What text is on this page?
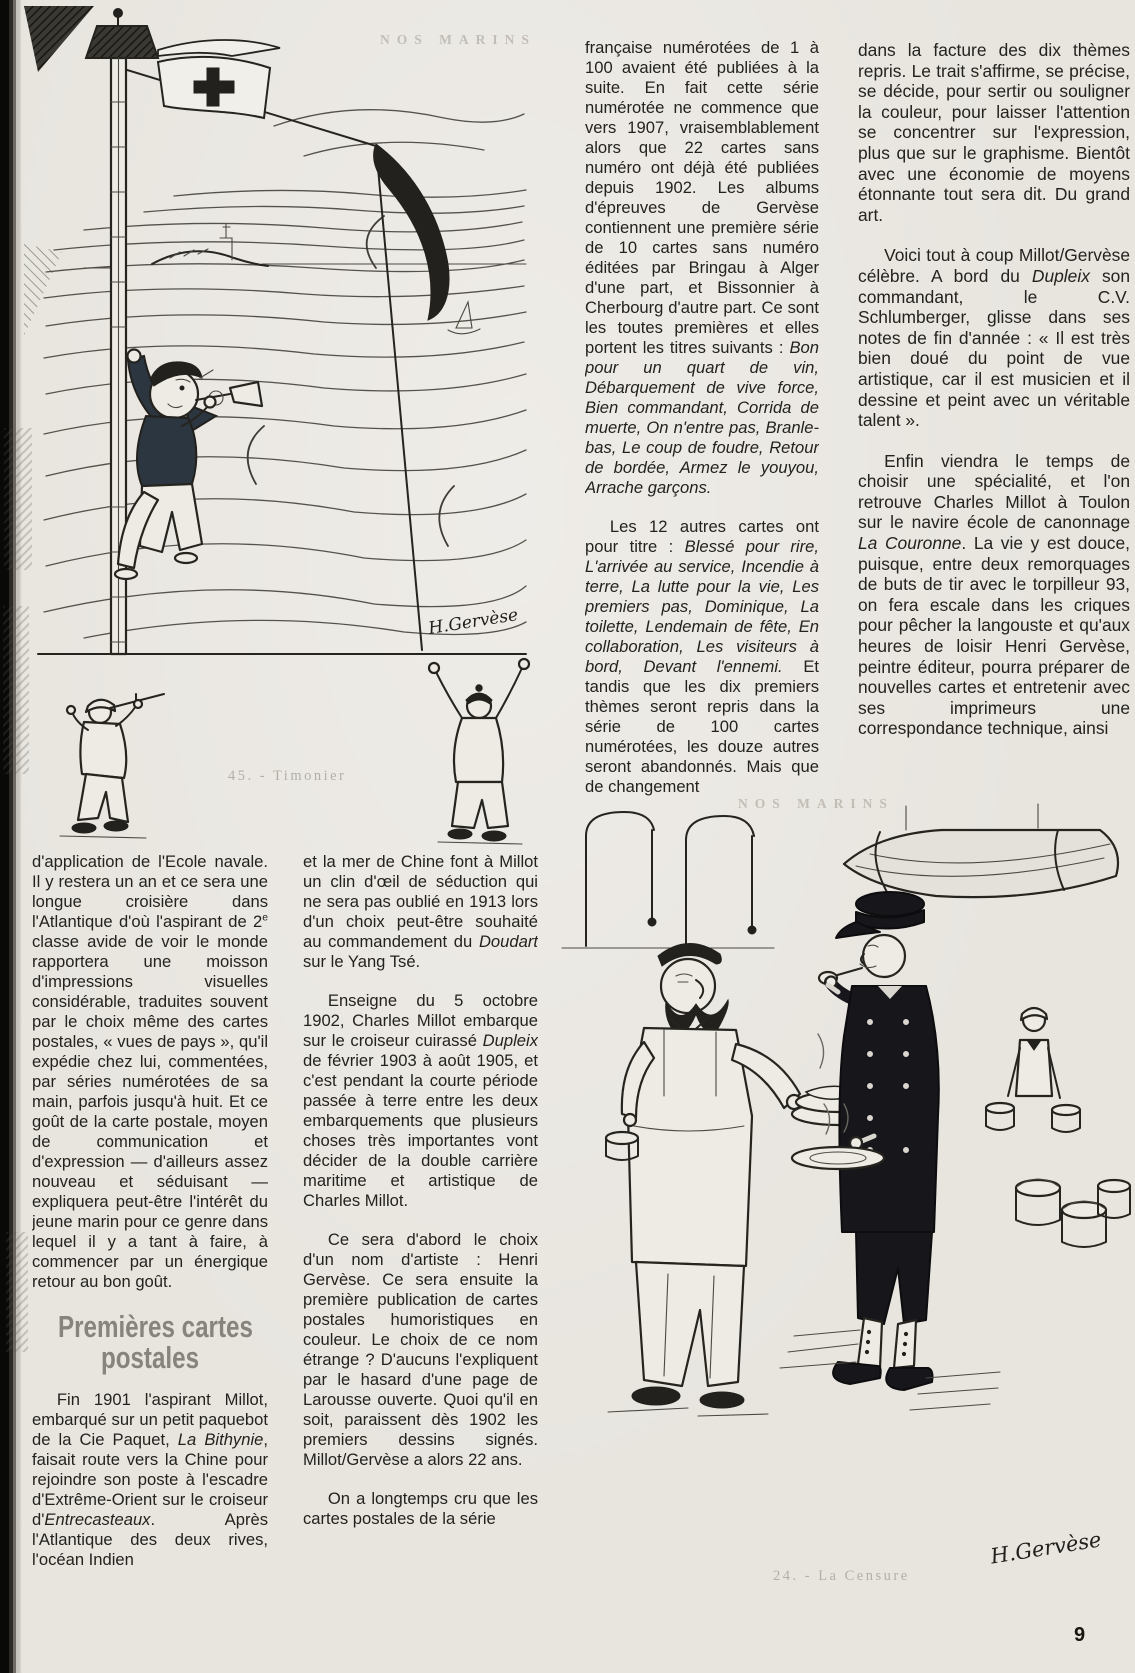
NOS MARINS
H.Gervèse
45. - Timonier

française numérotées de 1 à 100 avaient été publiées à la suite. En fait cette série numérotée ne commence que vers 1907, vraisemblablement alors que 22 cartes sans numéro ont déjà été publiées depuis 1902. Les albums d'épreuves de Gervèse contiennent une première série de 10 cartes sans numéro éditées par Bringau à Alger d'une part, et Bissonnier à Cherbourg d'autre part. Ce sont les toutes premières et elles portent les titres suivants : Bon pour un quart de vin, Débarquement de vive force, Bien commandant, Corrida de muerte, On n'entre pas, Branle-bas, Le coup de foudre, Retour de bordée, Armez le youyou, Arrache garçons.

Les 12 autres cartes ont pour titre : Blessé pour rire, L'arrivée au service, Incendie à terre, La lutte pour la vie, Les premiers pas, Dominique, La toilette, Lendemain de fête, En collaboration, Les visiteurs à bord, Devant l'ennemi. Et tandis que les dix premiers thèmes seront repris dans la série de 100 cartes numérotées, les douze autres seront abandonnés. Mais que de changement

dans la facture des dix thèmes repris. Le trait s'affirme, se précise, se décide, pour sertir ou souligner la couleur, pour laisser l'attention se concentrer sur l'expression, plus que sur le graphisme. Bientôt avec une économie de moyens étonnante tout sera dit. Du grand art.

Voici tout à coup Millot/Gervèse célèbre. A bord du Dupleix son commandant, le C.V. Schlumberger, glisse dans ses notes de fin d'année : « Il est très bien doué du point de vue artistique, car il est musicien et il dessine et peint avec un véritable talent ».

Enfin viendra le temps de choisir une spécialité, et l'on retrouve Charles Millot à Toulon sur le navire école de canonnage La Couronne. La vie y est douce, puisque, entre deux remorquages de buts de tir avec le torpilleur 93, on fera escale dans les criques pour pêcher la langouste et qu'aux heures de loisir Henri Gervèse, peintre éditeur, pourra préparer de nouvelles cartes et entretenir avec ses imprimeurs une correspondance technique, ainsi

d'application de l'Ecole navale. Il y restera un an et ce sera une longue croisière dans l'Atlantique d'où l'aspirant de 2e classe avide de voir le monde rapportera une moisson d'impressions visuelles considérable, traduites souvent par le choix même des cartes postales, « vues de pays », qu'il expédie chez lui, commentées, par séries numérotées de sa main, parfois jusqu'à huit. Et ce goût de la carte postale, moyen de communication et d'expression — d'ailleurs assez nouveau et séduisant — expliquera peut-être l'intérêt du jeune marin pour ce genre dans lequel il y a tant à faire, à commencer par un énergique retour au bon goût.

Premières cartes
postales

Fin 1901 l'aspirant Millot, embarqué sur un petit paquebot de la Cie Paquet, La Bithynie, faisait route vers la Chine pour rejoindre son poste à l'escadre d'Extrême-Orient sur le croiseur d'Entrecasteaux. Après l'Atlantique des deux rives, l'océan Indien

et la mer de Chine font à Millot un clin d'œil de séduction qui ne sera pas oublié en 1913 lors d'un choix peut-être souhaité au commandement du Doudart sur le Yang Tsé.

Enseigne du 5 octobre 1902, Charles Millot embarque sur le croiseur cuirassé Dupleix de février 1903 à août 1905, et c'est pendant la courte période passée à terre entre les deux embarquements que plusieurs choses très importantes vont décider de la double carrière maritime et artistique de Charles Millot.

Ce sera d'abord le choix d'un nom d'artiste : Henri Gervèse. Ce sera ensuite la première publication de cartes postales humoristiques en couleur. Le choix de ce nom étrange ? D'aucuns l'expliquent par le hasard d'une page de Larousse ouverte. Quoi qu'il en soit, paraissent dès 1902 les premiers dessins signés. Millot/Gervèse a alors 22 ans.

On a longtemps cru que les cartes postales de la série

NOS MARINS
H.Gervèse
24. - La Censure
9
